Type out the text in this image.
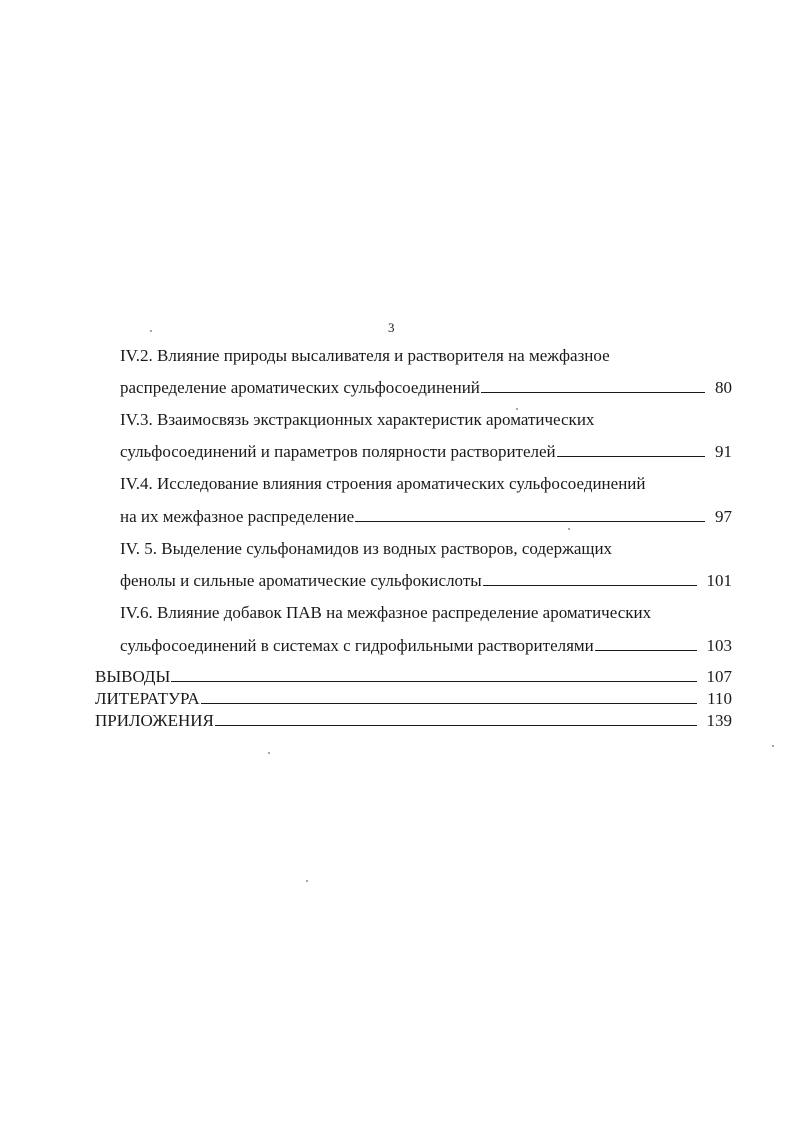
3
IV.2. Влияние природы высаливателя и растворителя на межфазное
распределение ароматических сульфосоединений	80
IV.3. Взаимосвязь экстракционных характеристик ароматических
сульфосоединений и параметров полярности растворителей	91
IV.4. Исследование влияния строения ароматических сульфосоединений
на их межфазное распределение	97
IV. 5. Выделение сульфонамидов из водных растворов, содержащих
фенолы и сильные ароматические сульфокислоты	101
IV.6. Влияние добавок ПАВ на межфазное распределение ароматических
сульфосоединений в системах с гидрофильными растворителями	103
ВЫВОДЫ	107
ЛИТЕРАТУРА	110
ПРИЛОЖЕНИЯ	139
